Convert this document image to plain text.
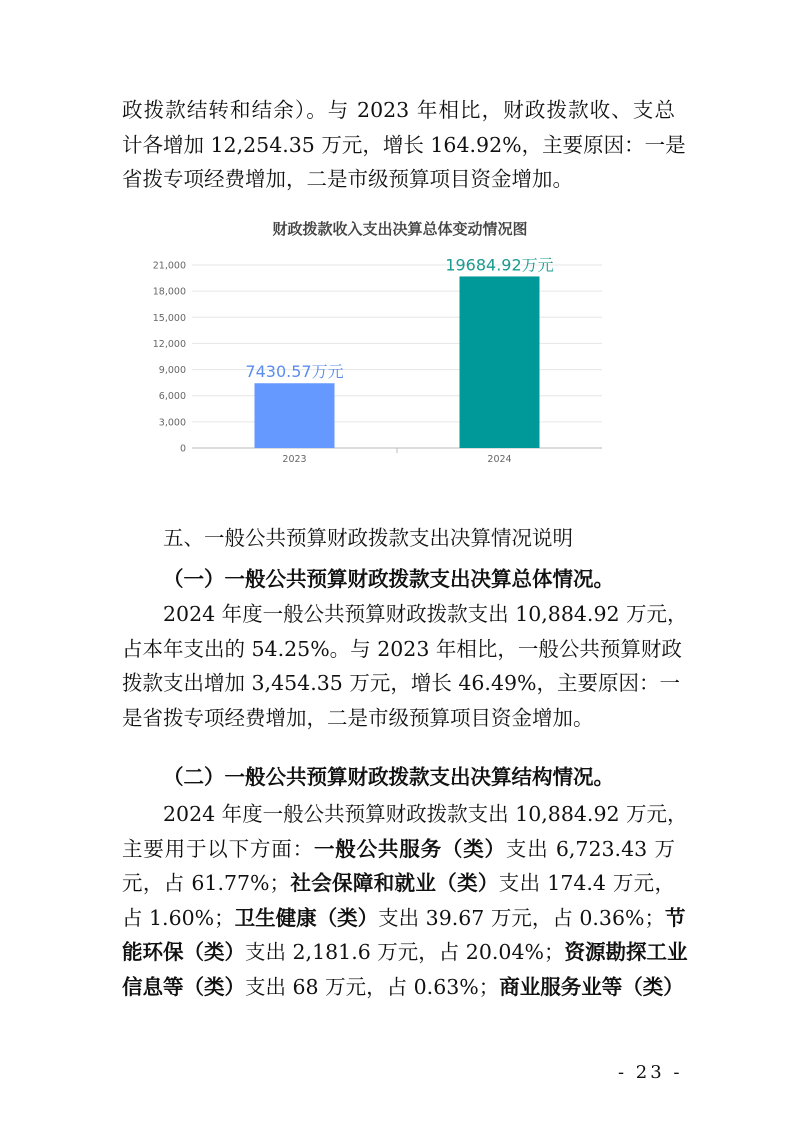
政拨款结转和结余）。与 2023 年相比，财政拨款收、支总
计各增加 12,254.35 万元，增长 164.92%，主要原因：一是
省拨专项经费增加，二是市级预算项目资金增加。

财政拨款收入支出决算总体变动情况图
0
3,000
6,000
9,000
12,000
15,000
18,000
21,000
7430.57万元
2023
19684.92万元
2024
五、一般公共预算财政拨款支出决算情况说明
（一）一般公共预算财政拨款支出决算总体情况。

2024 年度一般公共预算财政拨款支出 10,884.92 万元，
占本年支出的 54.25%。与 2023 年相比，一般公共预算财政
拨款支出增加 3,454.35 万元，增长 46.49%，主要原因：一
是省拨专项经费增加，二是市级预算项目资金增加。

（二）一般公共预算财政拨款支出决算结构情况。

2024 年度一般公共预算财政拨款支出 10,884.92 万元，
主要用于以下方面：一般公共服务（类）支出 6,723.43 万
元，占 61.77%；社会保障和就业（类）支出 174.4 万元，
占 1.60%；卫生健康（类）支出 39.67 万元，占 0.36%；节
能环保（类）支出 2,181.6 万元，占 20.04%；资源勘探工业
信息等（类）支出 68 万元，占 0.63%；商业服务业等（类）

- 23 -
